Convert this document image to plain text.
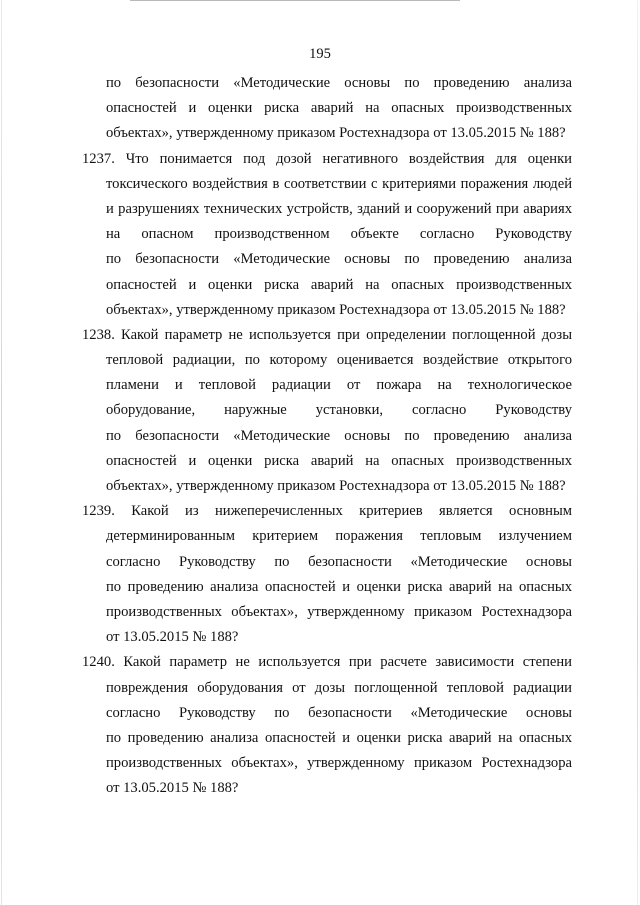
195
по безопасности «Методические основы по проведению анализа
опасностей и оценки риска аварий на опасных производственных
объектах», утвержденному приказом Ростехнадзора от 13.05.2015 № 188?
1237. Что понимается под дозой негативного воздействия для оценки
токсического воздействия в соответствии с критериями поражения людей
и разрушениях технических устройств, зданий и сооружений при авариях
на опасном производственном объекте согласно Руководству
по безопасности «Методические основы по проведению анализа
опасностей и оценки риска аварий на опасных производственных
объектах», утвержденному приказом Ростехнадзора от 13.05.2015 № 188?
1238. Какой параметр не используется при определении поглощенной дозы
тепловой радиации, по которому оценивается воздействие открытого
пламени и тепловой радиации от пожара на технологическое
оборудование, наружные установки, согласно Руководству
по безопасности «Методические основы по проведению анализа
опасностей и оценки риска аварий на опасных производственных
объектах», утвержденному приказом Ростехнадзора от 13.05.2015 № 188?
1239. Какой из нижеперечисленных критериев является основным
детерминированным критерием поражения тепловым излучением
согласно Руководству по безопасности «Методические основы
по проведению анализа опасностей и оценки риска аварий на опасных
производственных объектах», утвержденному приказом Ростехнадзора
от 13.05.2015 № 188?
1240. Какой параметр не используется при расчете зависимости степени
повреждения оборудования от дозы поглощенной тепловой радиации
согласно Руководству по безопасности «Методические основы
по проведению анализа опасностей и оценки риска аварий на опасных
производственных объектах», утвержденному приказом Ростехнадзора
от 13.05.2015 № 188?
